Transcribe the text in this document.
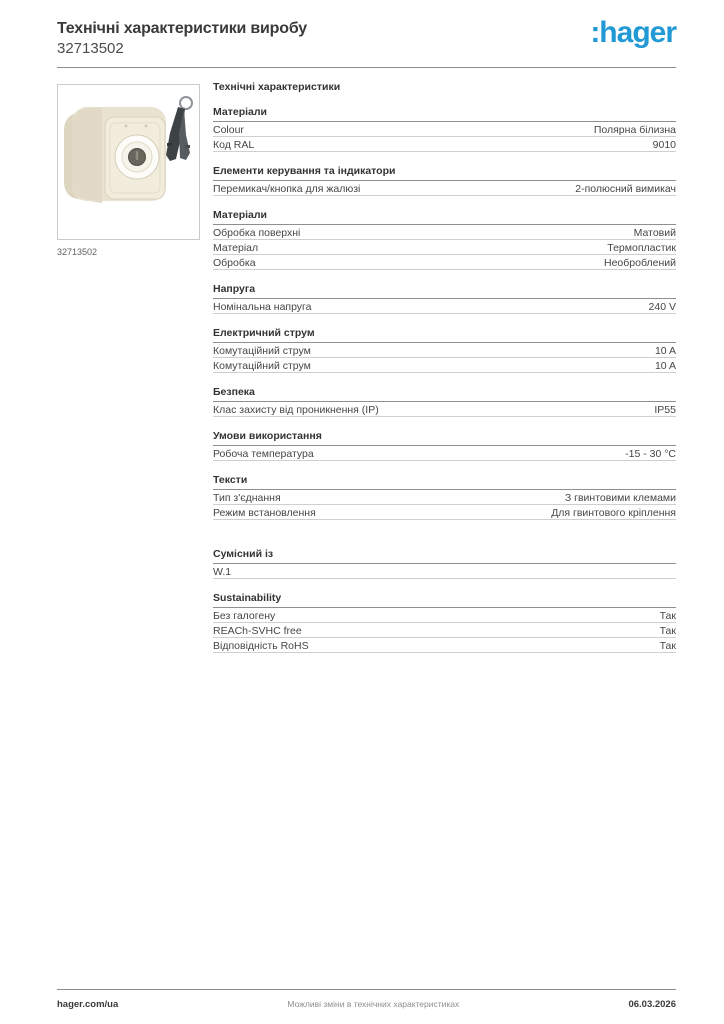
Технічні характеристики виробу
32713502	:hager
32713502
Технічні характеристики
Матеріали
Colour	Полярна білизна
Код RAL	9010
Елементи керування та індикатори
Перемикач/кнопка для жалюзі	2-полюсний вимикач
Матеріали
Обробка поверхні	Матовий
Матеріал	Термопластик
Обробка	Необроблений
Напруга
Номінальна напруга	240 V
Електричний струм
Комутаційний струм	10 A
Комутаційний струм	10 A
Безпека
Клас захисту від проникнення (IP)	IP55
Умови використання
Робоча температура	-15 - 30 °C
Тексти
Тип з'єднання	З гвинтовими клемами
Режим встановлення	Для гвинтового кріплення
Сумісний із
W.1
Sustainability
Без галогену	Так
REACh-SVHC free	Так
Відповідність RoHS	Так
hager.com/ua	Можливі зміни в технічних характеристиках	06.03.2026
